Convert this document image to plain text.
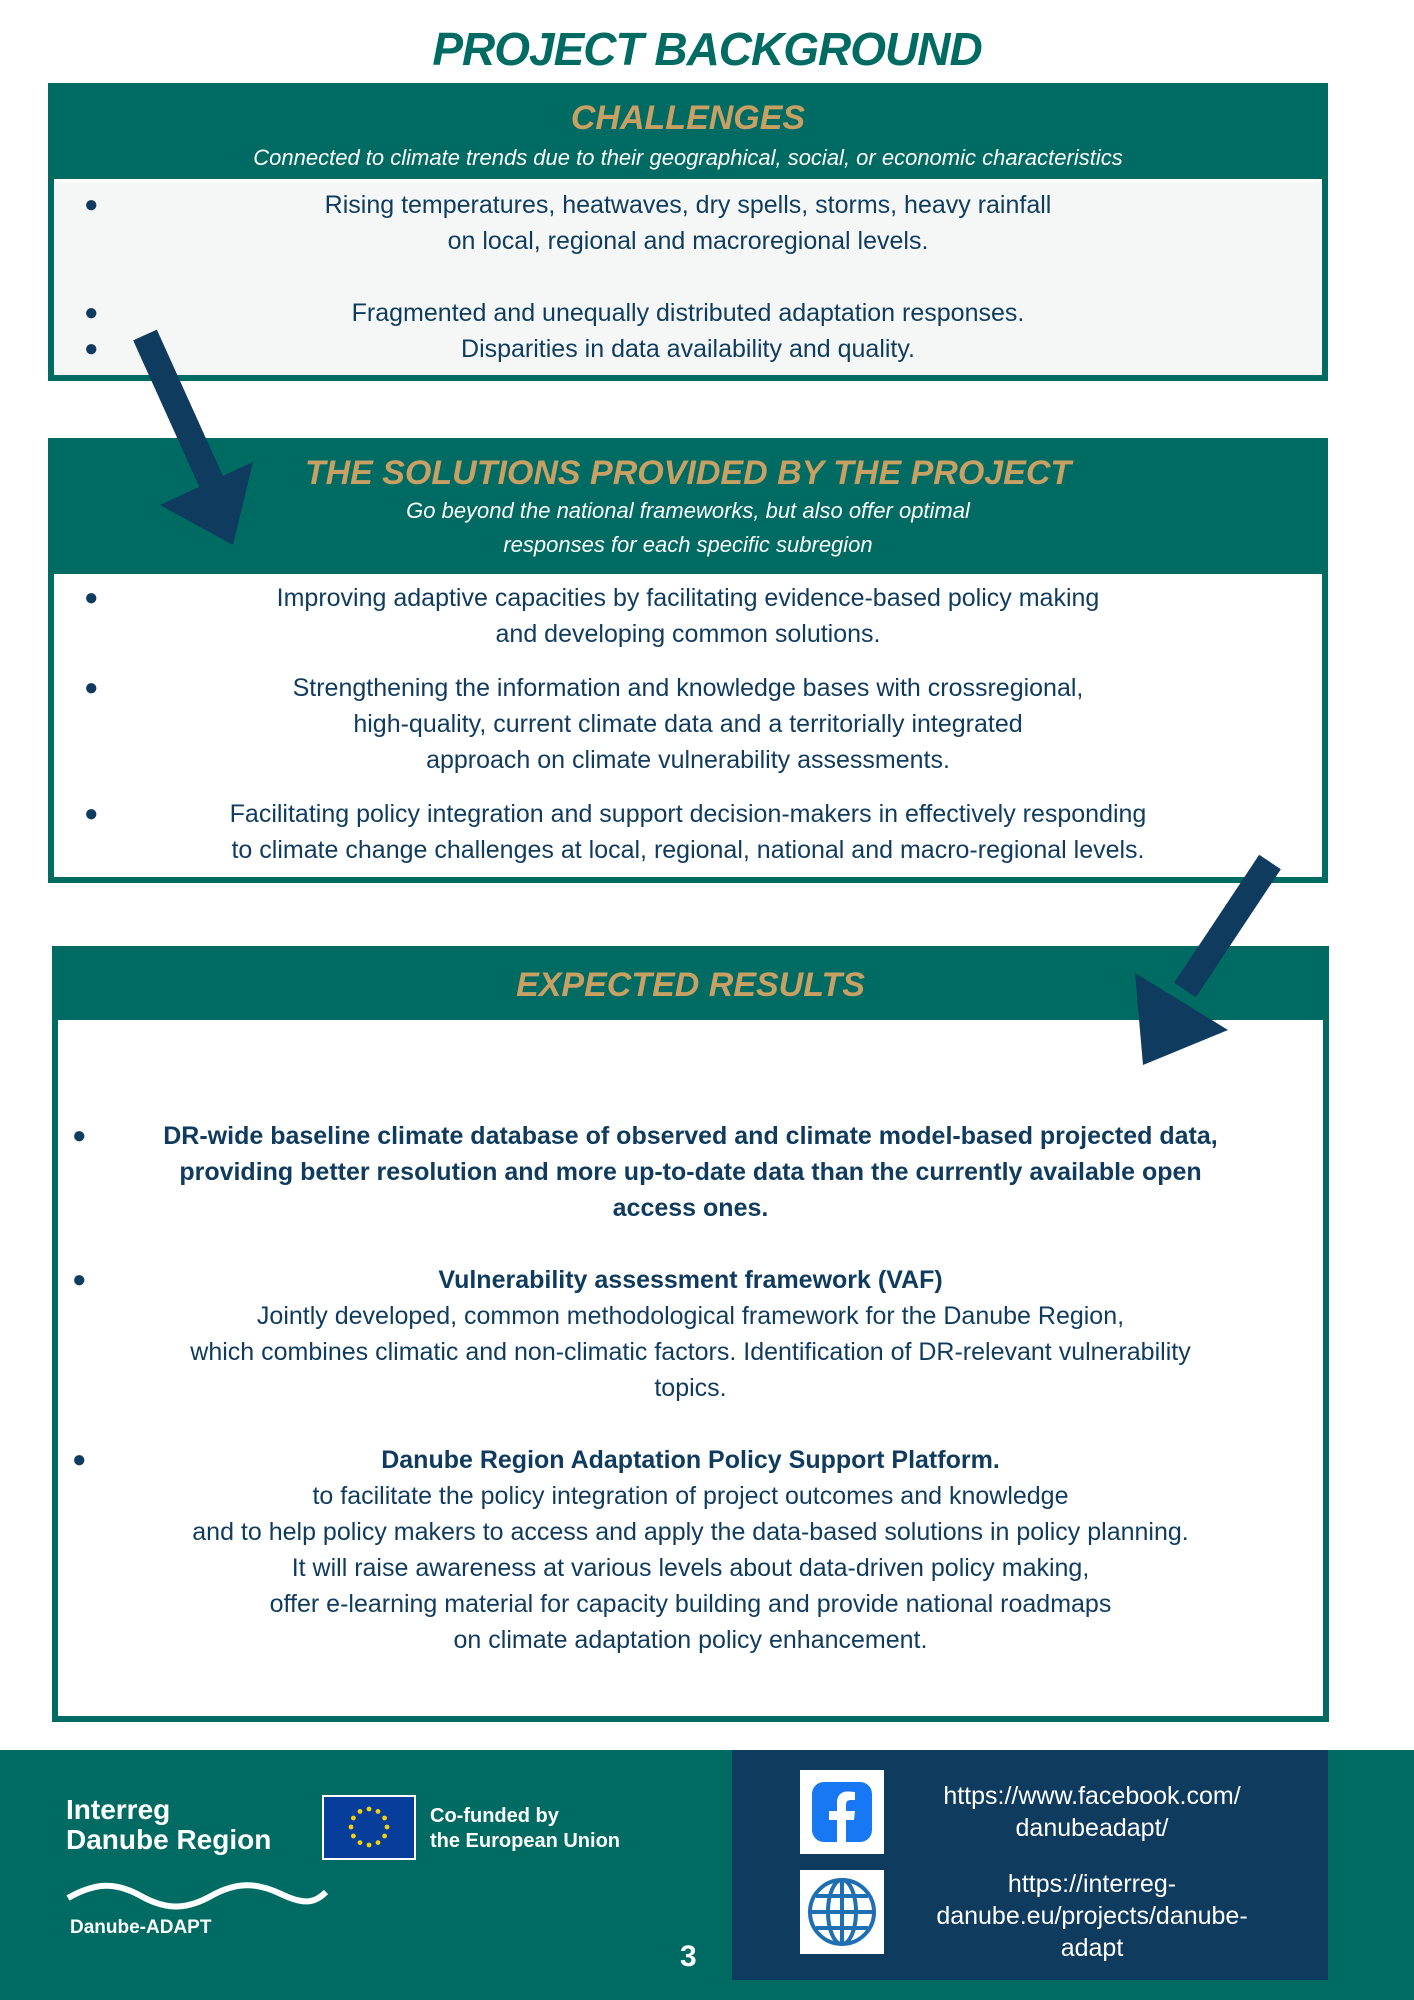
PROJECT BACKGROUND
CHALLENGES
Connected to climate trends due to their geographical, social, or economic characteristics
●	Rising temperatures, heatwaves, dry spells, storms, heavy rainfall
on local, regional and macroregional levels.
●	Fragmented and unequally distributed adaptation responses.
●	Disparities in data availability and quality.
THE SOLUTIONS PROVIDED BY THE PROJECT
Go beyond the national frameworks, but also offer optimal
responses for each specific subregion
●	Improving adaptive capacities by facilitating evidence-based policy making
and developing common solutions.
●	Strengthening the information and knowledge bases with crossregional,
high-quality, current climate data and a territorially integrated
approach on climate vulnerability assessments.
●	Facilitating policy integration and support decision-makers in effectively responding
to climate change challenges at local, regional, national and macro-regional levels.
EXPECTED RESULTS
●	DR-wide baseline climate database of observed and climate model-based projected data,
providing better resolution and more up-to-date data than the currently available open
access ones.
●	Vulnerability assessment framework (VAF)
Jointly developed, common methodological framework for the Danube Region,
which combines climatic and non-climatic factors. Identification of DR-relevant vulnerability
topics.
●	Danube Region Adaptation Policy Support Platform.
to facilitate the policy integration of project outcomes and knowledge
and to help policy makers to access and apply the data-based solutions in policy planning.
It will raise awareness at various levels about data-driven policy making,
offer e-learning material for capacity building and provide national roadmaps
on climate adaptation policy enhancement.
Interreg
Danube Region
Co-funded by
the European Union
Danube-ADAPT
3
https://www.facebook.com/
danubeadapt/
https://interreg-
danube.eu/projects/danube-
adapt
